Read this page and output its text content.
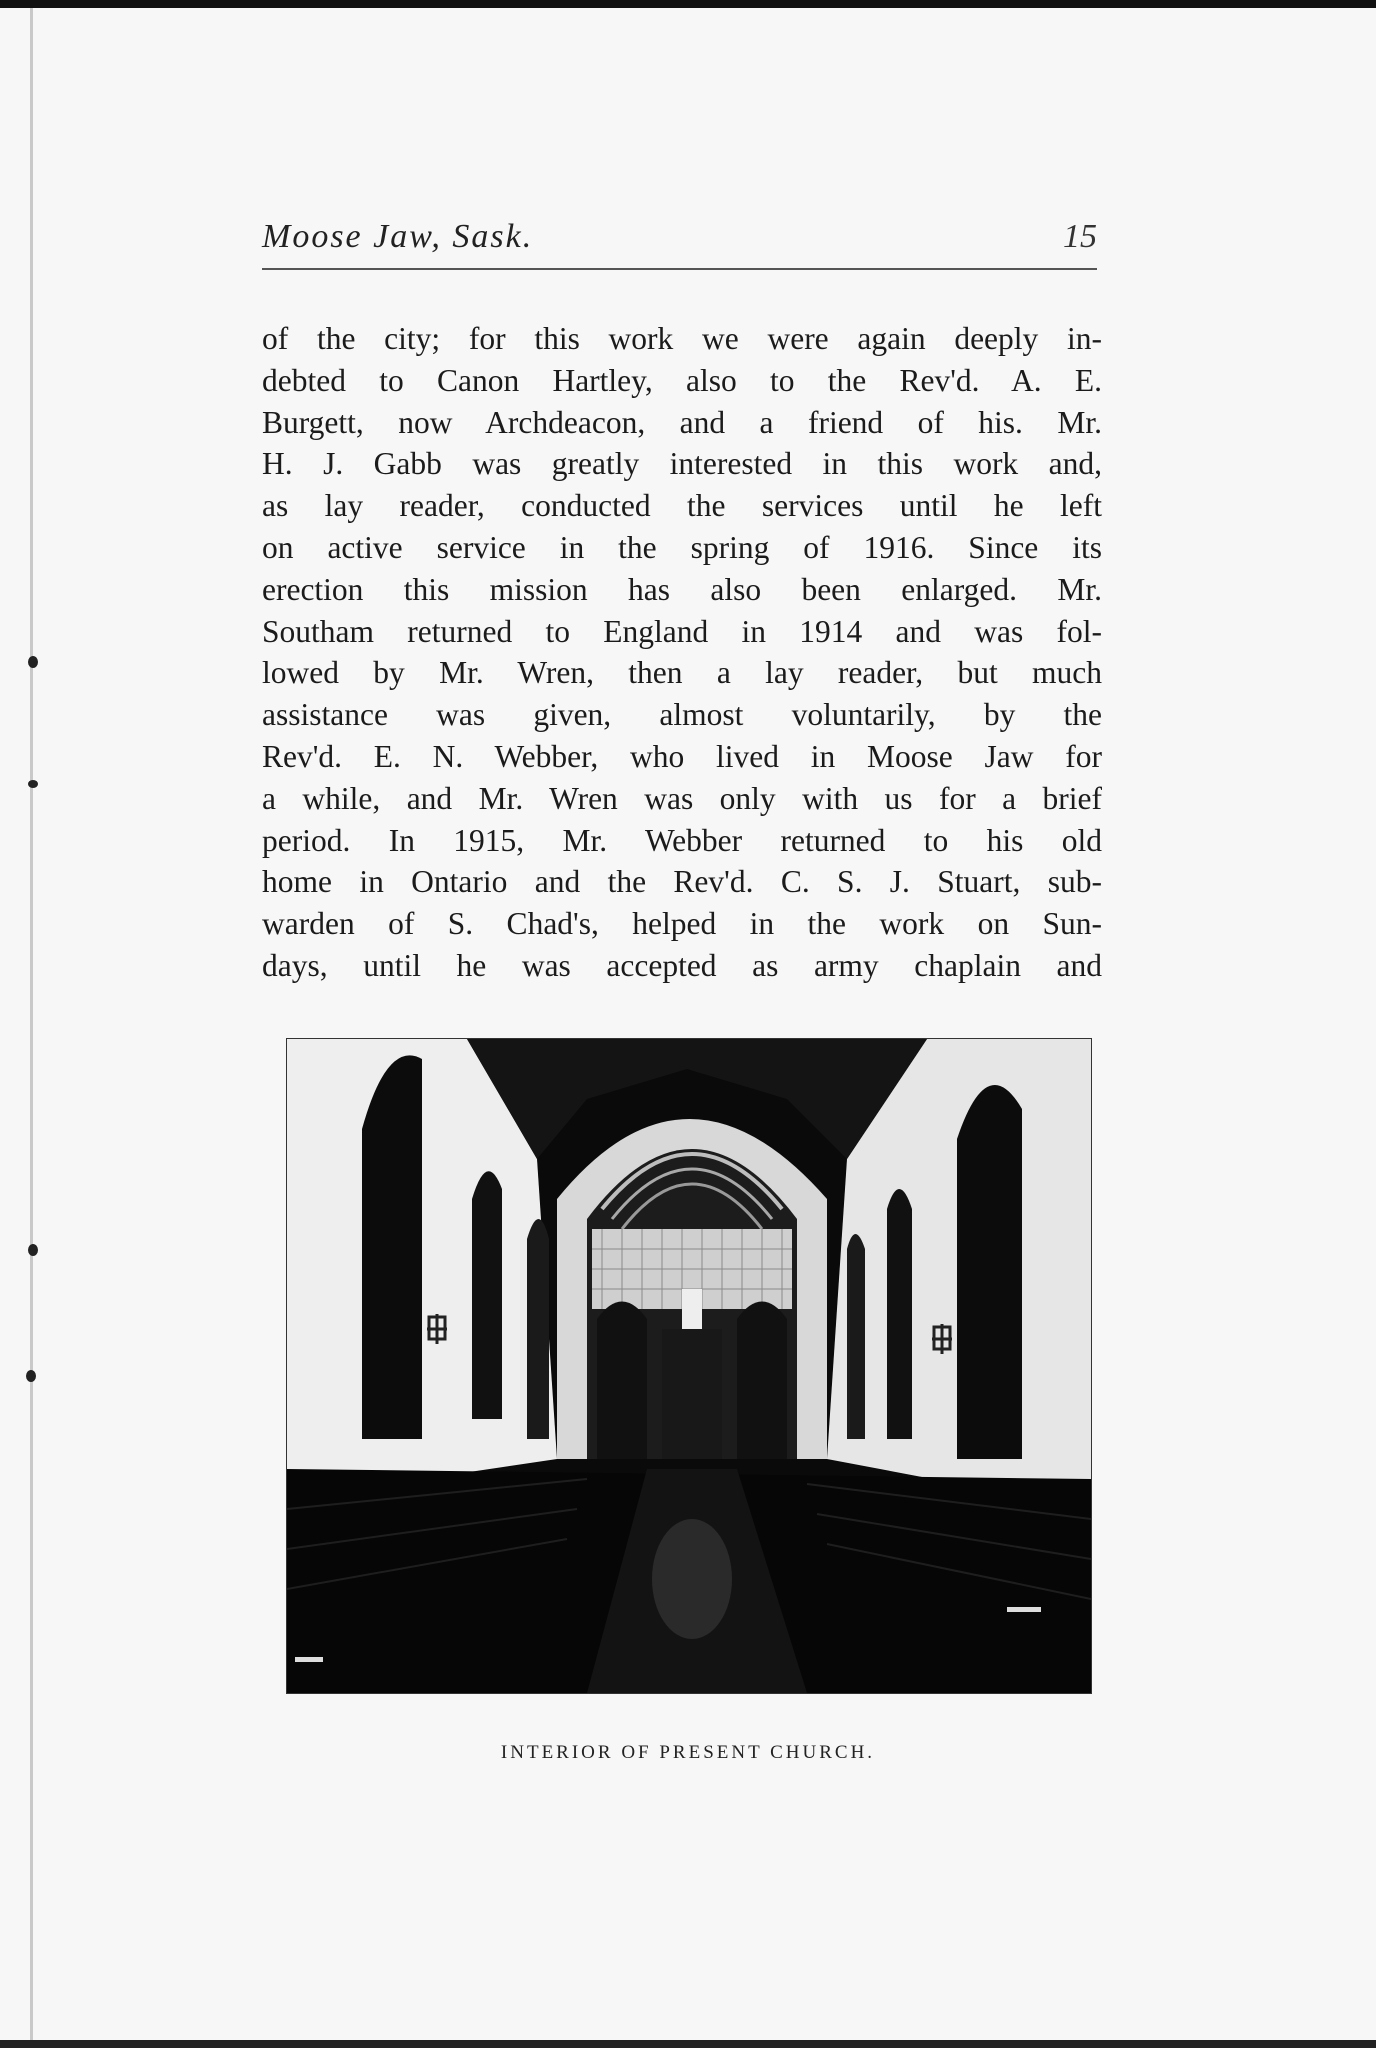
Moose Jaw, Sask.	15
of the city; for this work we were again deeply in-
debted to Canon Hartley, also to the Rev'd. A. E.
Burgett, now Archdeacon, and a friend of his. Mr.
H. J. Gabb was greatly interested in this work and,
as lay reader, conducted the services until he left
on active service in the spring of 1916. Since its
erection this mission has also been enlarged. Mr.
Southam returned to England in 1914 and was fol-
lowed by Mr. Wren, then a lay reader, but much
assistance was given, almost voluntarily, by the
Rev'd. E. N. Webber, who lived in Moose Jaw for
a while, and Mr. Wren was only with us for a brief
period. In 1915, Mr. Webber returned to his old
home in Ontario and the Rev'd. C. S. J. Stuart, sub-
warden of S. Chad's, helped in the work on Sun-
days, until he was accepted as army chaplain and
INTERIOR OF PRESENT CHURCH.
